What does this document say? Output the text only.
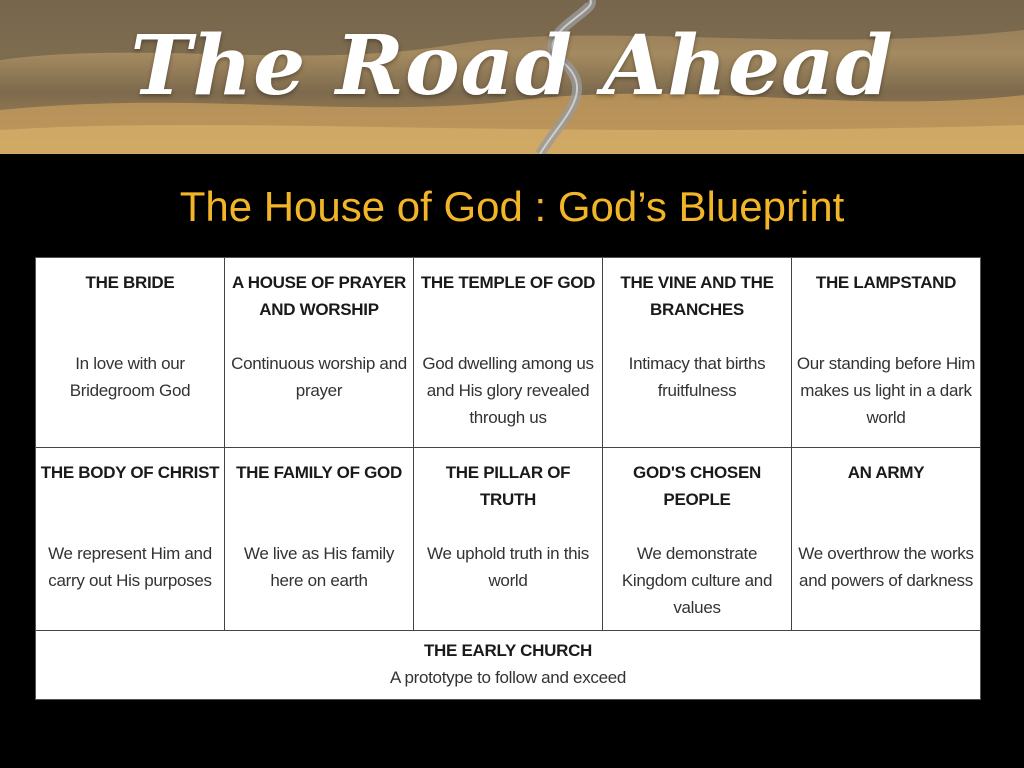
The Road Ahead
The House of God : God’s Blueprint
THE BRIDE
In love with our Bridegroom God
A HOUSE OF PRAYER AND WORSHIP
Continuous worship and prayer
THE TEMPLE OF GOD
God dwelling among us and His glory revealed through us
THE VINE AND THE BRANCHES
Intimacy that births fruitfulness
THE LAMPSTAND
Our standing before Him makes us light in a dark world
THE BODY OF CHRIST
We represent Him and carry out His purposes
THE FAMILY OF GOD
We live as His family here on earth
THE PILLAR OF TRUTH
We uphold truth in this world
GOD'S CHOSEN PEOPLE
We demonstrate Kingdom culture and values
AN ARMY
We overthrow the works and powers of darkness
THE EARLY CHURCH
A prototype to follow and exceed
